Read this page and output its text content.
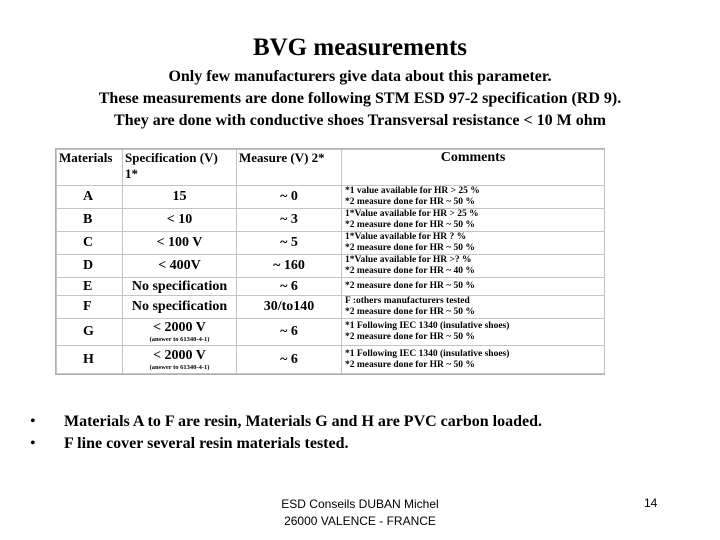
BVG measurements
Only few manufacturers give data about this parameter.
These measurements are done following STM ESD 97-2 specification (RD 9).
They are done with conductive shoes Transversal resistance < 10 M ohm
Materials	Specification (V) 1*	Measure (V) 2*	Comments
A	15	~ 0	*1 value available for HR > 25 %
*2 measure done for HR ~ 50 %
B	< 10	~ 3	1*Value available for HR > 25 %
*2 measure done for HR ~ 50 %
C	< 100 V	~ 5	1*Value available for HR ? %
*2 measure done for HR ~ 50 %
D	< 400V	~ 160	1*Value available for HR >? %
*2 measure done for HR ~ 40 %
E	No specification	~ 6	*2 measure done for HR ~ 50 %
F	No specification	30/to140	F :others manufacturers tested
*2 measure done for HR ~ 50 %
G	< 2000 V
(answer to 61340-4-1)	~ 6	*1 Following IEC 1340 (insulative shoes)
*2 measure done for HR ~ 50 %
H	< 2000 V
(answer to 61340-4-1)	~ 6	*1 Following IEC 1340 (insulative shoes)
*2 measure done for HR ~ 50 %
•	Materials A to F are resin, Materials G and H are PVC carbon loaded.
•	F line cover several resin materials tested.
ESD Conseils DUBAN Michel
26000 VALENCE - FRANCE
14
